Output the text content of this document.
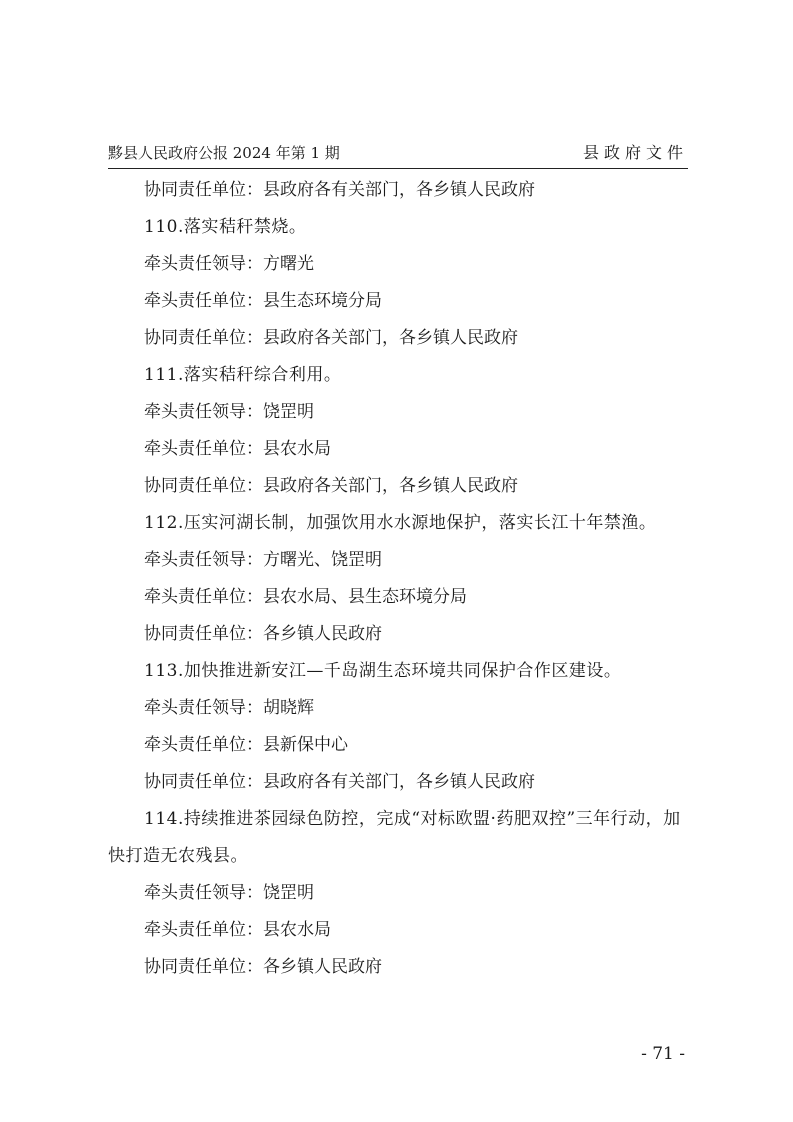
黟县人民政府公报 2024 年第 1 期	县政府文件
协同责任单位：县政府各有关部门，各乡镇人民政府
110.落实秸秆禁烧。
牵头责任领导：方曙光
牵头责任单位：县生态环境分局
协同责任单位：县政府各关部门，各乡镇人民政府
111.落实秸秆综合利用。
牵头责任领导：饶罡明
牵头责任单位：县农水局
协同责任单位：县政府各关部门，各乡镇人民政府
112.压实河湖长制，加强饮用水水源地保护，落实长江十年禁渔。
牵头责任领导：方曙光、饶罡明
牵头责任单位：县农水局、县生态环境分局
协同责任单位：各乡镇人民政府
113.加快推进新安江—千岛湖生态环境共同保护合作区建设。
牵头责任领导：胡晓辉
牵头责任单位：县新保中心
协同责任单位：县政府各有关部门，各乡镇人民政府
114.持续推进茶园绿色防控，完成“对标欧盟·药肥双控”三年行动，加快打造无农残县。
牵头责任领导：饶罡明
牵头责任单位：县农水局
协同责任单位：各乡镇人民政府
- 71 -
